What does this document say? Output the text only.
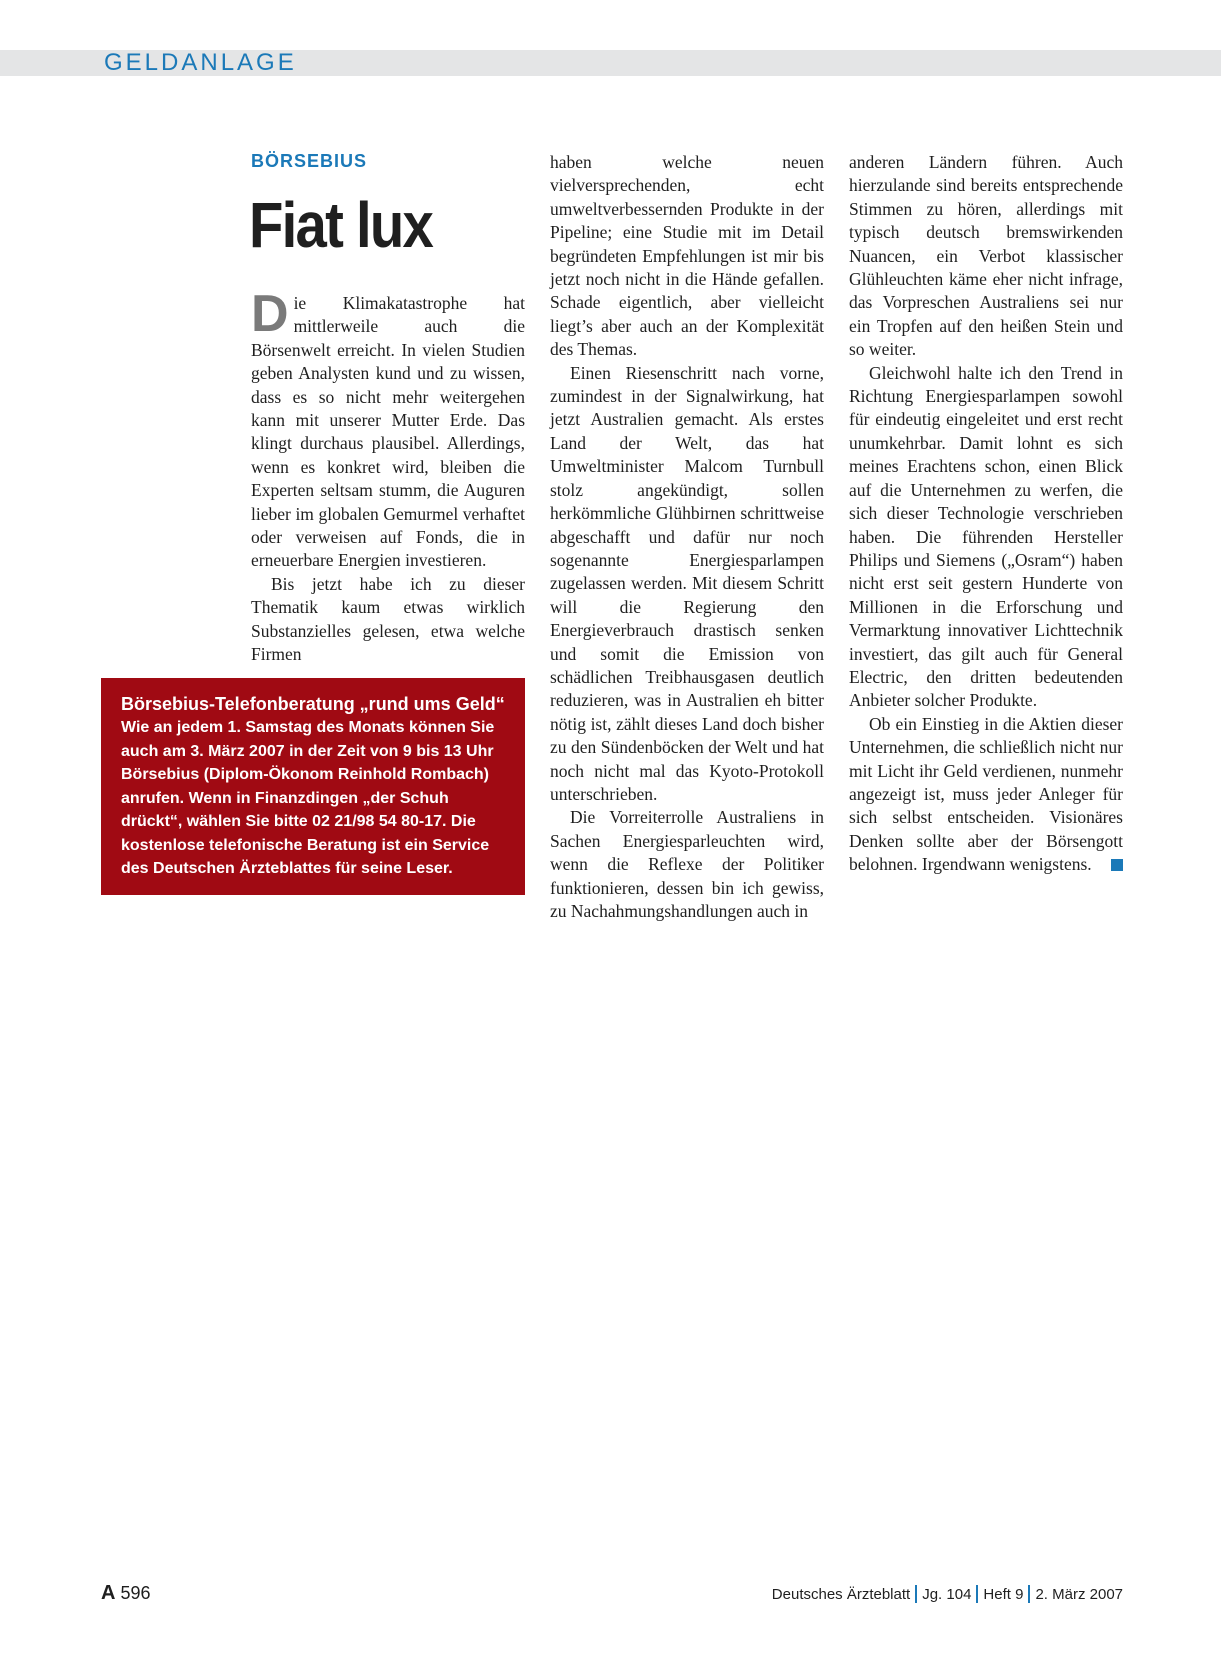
GELDANLAGE
BÖRSEBIUS
Fiat lux

Die Klimakatastrophe hat mittlerweile auch die Börsenwelt erreicht. In vielen Studien geben Analysten kund und zu wissen, dass es so nicht mehr weitergehen kann mit unserer Mutter Erde. Das klingt durchaus plausibel. Allerdings, wenn es konkret wird, bleiben die Experten seltsam stumm, die Auguren lieber im globalen Gemurmel verhaftet oder verweisen auf Fonds, die in erneuerbare Energien investieren.

Bis jetzt habe ich zu dieser Thematik kaum etwas wirklich Substanzielles gelesen, etwa welche Firmen

haben welche neuen vielversprechenden, echt umweltverbessernden Produkte in der Pipeline; eine Studie mit im Detail begründeten Empfehlungen ist mir bis jetzt noch nicht in die Hände gefallen. Schade eigentlich, aber vielleicht liegt’s aber auch an der Komplexität des Themas.

Einen Riesenschritt nach vorne, zumindest in der Signalwirkung, hat jetzt Australien gemacht. Als erstes Land der Welt, das hat Umweltminister Malcom Turnbull stolz angekündigt, sollen herkömmliche Glühbirnen schrittweise abgeschafft und dafür nur noch sogenannte Energiesparlampen zugelassen werden. Mit diesem Schritt will die Regierung den Energieverbrauch drastisch senken und somit die Emission von schädlichen Treibhausgasen deutlich reduzieren, was in Australien eh bitter nötig ist, zählt dieses Land doch bisher zu den Sündenböcken der Welt und hat noch nicht mal das Kyoto-Protokoll unterschrieben.

Die Vorreiterrolle Australiens in Sachen Energiesparleuchten wird, wenn die Reflexe der Politiker funktionieren, dessen bin ich gewiss, zu Nachahmungshandlungen auch in

anderen Ländern führen. Auch hierzulande sind bereits entsprechende Stimmen zu hören, allerdings mit typisch deutsch bremswirkenden Nuancen, ein Verbot klassischer Glühleuchten käme eher nicht infrage, das Vorpreschen Australiens sei nur ein Tropfen auf den heißen Stein und so weiter.

Gleichwohl halte ich den Trend in Richtung Energiesparlampen sowohl für eindeutig eingeleitet und erst recht unumkehrbar. Damit lohnt es sich meines Erachtens schon, einen Blick auf die Unternehmen zu werfen, die sich dieser Technologie verschrieben haben. Die führenden Hersteller Philips und Siemens („Osram“) haben nicht erst seit gestern Hunderte von Millionen in die Erforschung und Vermarktung innovativer Lichttechnik investiert, das gilt auch für General Electric, den dritten bedeutenden Anbieter solcher Produkte.

Ob ein Einstieg in die Aktien dieser Unternehmen, die schließlich nicht nur mit Licht ihr Geld verdienen, nunmehr angezeigt ist, muss jeder Anleger für sich selbst entscheiden. Visionäres Denken sollte aber der Börsengott belohnen. Irgendwann wenigstens.

Börsebius-Telefonberatung „rund ums Geld“
Wie an jedem 1. Samstag des Monats können Sie auch am 3. März 2007 in der Zeit von 9 bis 13 Uhr Börsebius (Diplom-Ökonom Reinhold Rombach) anrufen. Wenn in Finanzdingen „der Schuh drückt“, wählen Sie bitte 02 21/98 54 80-17. Die kostenlose telefonische Beratung ist ein Service des Deutschen Ärzteblattes für seine Leser.
A 596	Deutsches Ärzteblatt Jg. 104 Heft 9 2. März 2007
